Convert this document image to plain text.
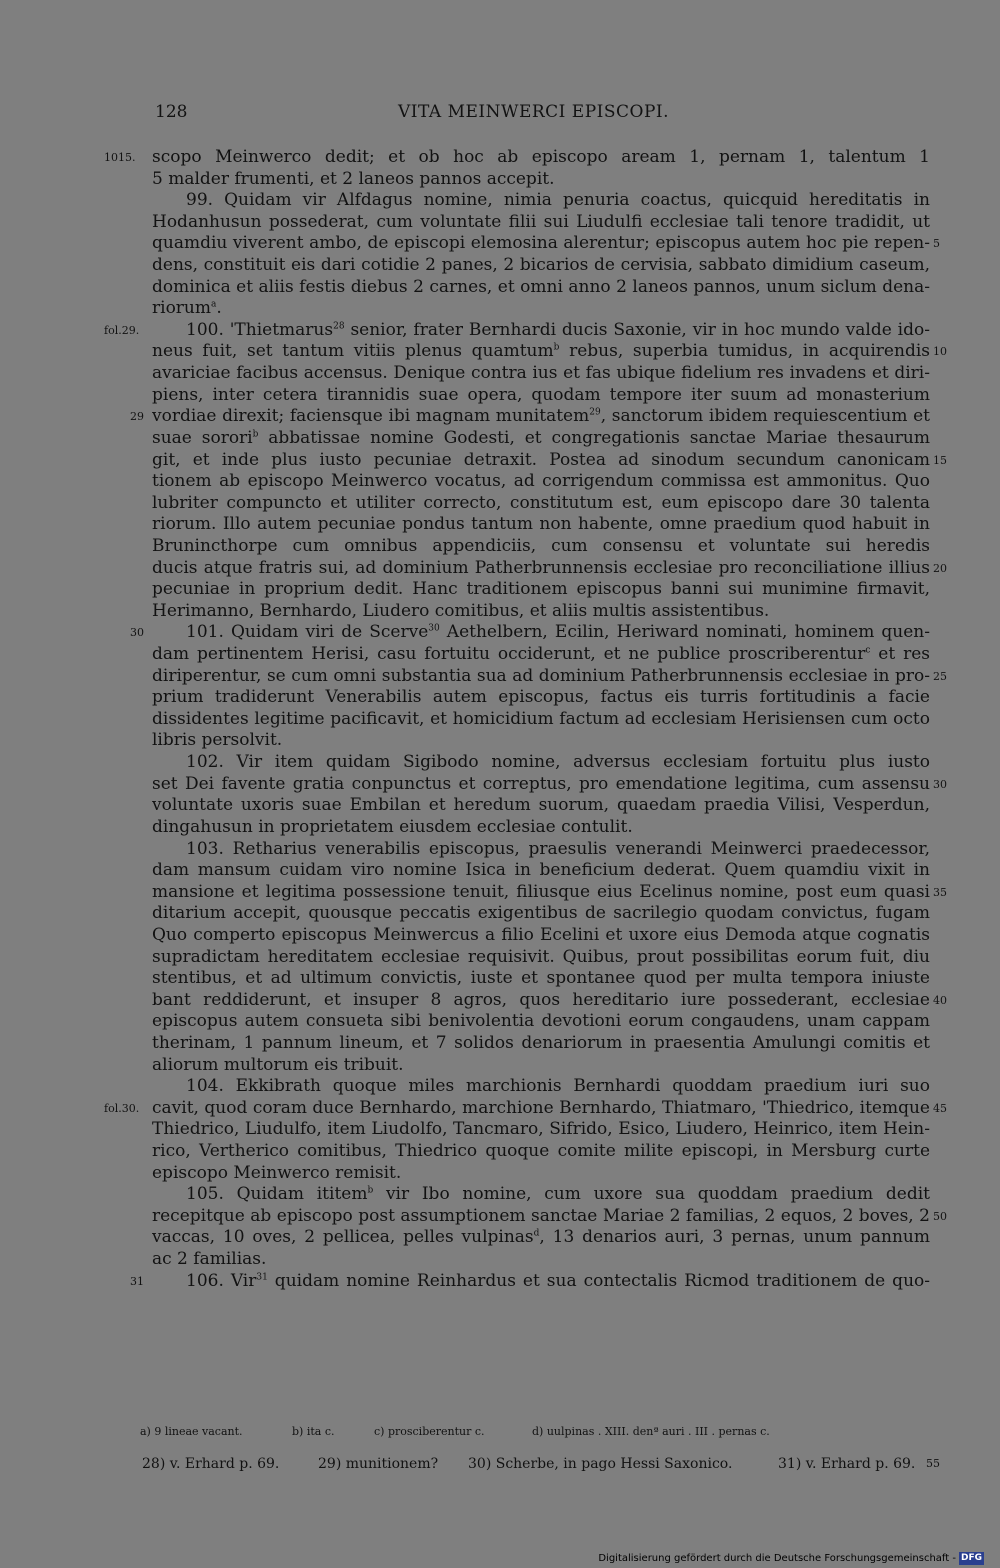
128	VITA MEINWERCI EPISCOPI.
1015. scopo Meinwerco dedit; et ob hoc ab episcopo aream 1, pernam 1, talentum 1
5 malder frumenti, et 2 laneos pannos accepit.
99. Quidam vir Alfdagus nomine, nimia penuria coactus, quicquid hereditatis in
Hodanhusun possederat, cum voluntate filii sui Liudulfi ecclesiae tali tenore tradidit, ut
quamdiu viverent ambo, de episcopi elemosina alerentur; episcopus autem hoc pie repen- 5
dens, constituit eis dari cotidie 2 panes, 2 bicarios de cervisia, sabbato dimidium caseum,
dominica et aliis festis diebus 2 carnes, et omni anno 2 laneos pannos, unum siclum dena-
riorum$^a$.
fol.29.	100. 'Thietmarus$^{28}$ senior, frater Bernhardi ducis Saxonie, vir in hoc mundo valde ido-
neus fuit, set tantum vitiis plenus quamtum$^b$ rebus, superbia tumidus, in acquirendis 10
avariciae facibus accensus. Denique contra ius et fas ubique fidelium res invadens et diri-
piens, inter cetera tirannidis suae opera, quodam tempore iter suum ad monasterium
29 vordiae direxit; faciensque ibi magnam munitatem$^{29}$, sanctorum ibidem requiescentium et
suae sorori$^b$ abbatissae nomine Godesti, et congregationis sanctae Mariae thesaurum
git, et inde plus iusto pecuniae detraxit. Postea ad sinodum secundum canonicam 15
tionem ab episcopo Meinwerco vocatus, ad corrigendum commissa est ammonitus. Quo
lubriter compuncto et utiliter correcto, constitutum est, eum episcopo dare 30 talenta
riorum. Illo autem pecuniae pondus tantum non habente, omne praedium quod habuit in
Brunincthorpe cum omnibus appendiciis, cum consensu et voluntate sui heredis
ducis atque fratris sui, ad dominium Patherbrunnensis ecclesiae pro reconciliatione illius 20
pecuniae in proprium dedit. Hanc traditionem episcopus banni sui munimine firmavit,
Herimanno, Bernhardo, Liudero comitibus, et aliis multis assistentibus.
30	101. Quidam viri de Scerve$^{30}$ Aethelbern, Ecilin, Heriward nominati, hominem quen-
dam pertinentem Herisi, casu fortuitu occiderunt, et ne publice proscriberentur$^c$ et res
diriperentur, se cum omni substantia sua ad dominium Patherbrunnensis ecclesiae in pro- 25
prium tradiderunt Venerabilis autem episcopus, factus eis turris fortitudinis a facie
dissidentes legitime pacificavit, et homicidium factum ad ecclesiam Herisiensen cum octo
libris persolvit.
102. Vir item quidam Sigibodo nomine, adversus ecclesiam fortuitu plus iusto
set Dei favente gratia conpunctus et correptus, pro emendatione legitima, cum assensu 30
voluntate uxoris suae Embilan et heredum suorum, quaedam praedia Vilisi, Vesperdun,
dingahusun in proprietatem eiusdem ecclesiae contulit.
103. Retharius venerabilis episcopus, praesulis venerandi Meinwerci praedecessor,
dam mansum cuidam viro nomine Isica in beneficium dederat. Quem quamdiu vixit in
mansione et legitima possessione tenuit, filiusque eius Ecelinus nomine, post eum quasi 35
ditarium accepit, quousque peccatis exigentibus de sacrilegio quodam convictus, fugam
Quo comperto episcopus Meinwercus a filio Ecelini et uxore eius Demoda atque cognatis
supradictam hereditatem ecclesiae requisivit. Quibus, prout possibilitas eorum fuit, diu
stentibus, et ad ultimum convictis, iuste et spontanee quod per multa tempora iniuste
bant reddiderunt, et insuper 8 agros, quos hereditario iure possederant, ecclesiae 40
episcopus autem consueta sibi benivolentia devotioni eorum congaudens, unam cappam
therinam, 1 pannum lineum, et 7 solidos denariorum in praesentia Amulungi comitis et
aliorum multorum eis tribuit.
104. Ekkibrath quoque miles marchionis Bernhardi quoddam praedium iuri suo
fol.30. cavit, quod coram duce Bernhardo, marchione Bernhardo, Thiatmaro, 'Thiedrico, itemque 45
Thiedrico, Liudulfo, item Liudolfo, Tancmaro, Sifrido, Esico, Liudero, Heinrico, item Hein-
rico, Vertherico comitibus, Thiedrico quoque comite milite episcopi, in Mersburg curte
episcopo Meinwerco remisit.
105. Quidam ititem$^b$ vir Ibo nomine, cum uxore sua quoddam praedium dedit
recepitque ab episcopo post assumptionem sanctae Mariae 2 familias, 2 equos, 2 boves, 2 50
vaccas, 10 oves, 2 pellicea, pelles vulpinas$^d$, 13 denarios auri, 3 pernas, unum pannum
ac 2 familias.
31	106. Vir$^{31}$ quidam nomine Reinhardus et sua contectalis Ricmod traditionem de quo-
a) 9 lineae vacant.	b) ita c.	c) prosciberentur c.	d) uulpinas . XIII. denª auri . III . pernas c.
28) v. Erhard p. 69.	29) munitionem? 30) Scherbe, in pago Hessi Saxonico.	31) v. Erhard p. 69. 55
Digitalisierung gefördert durch die Deutsche Forschungsgemeinschaft - DFG
